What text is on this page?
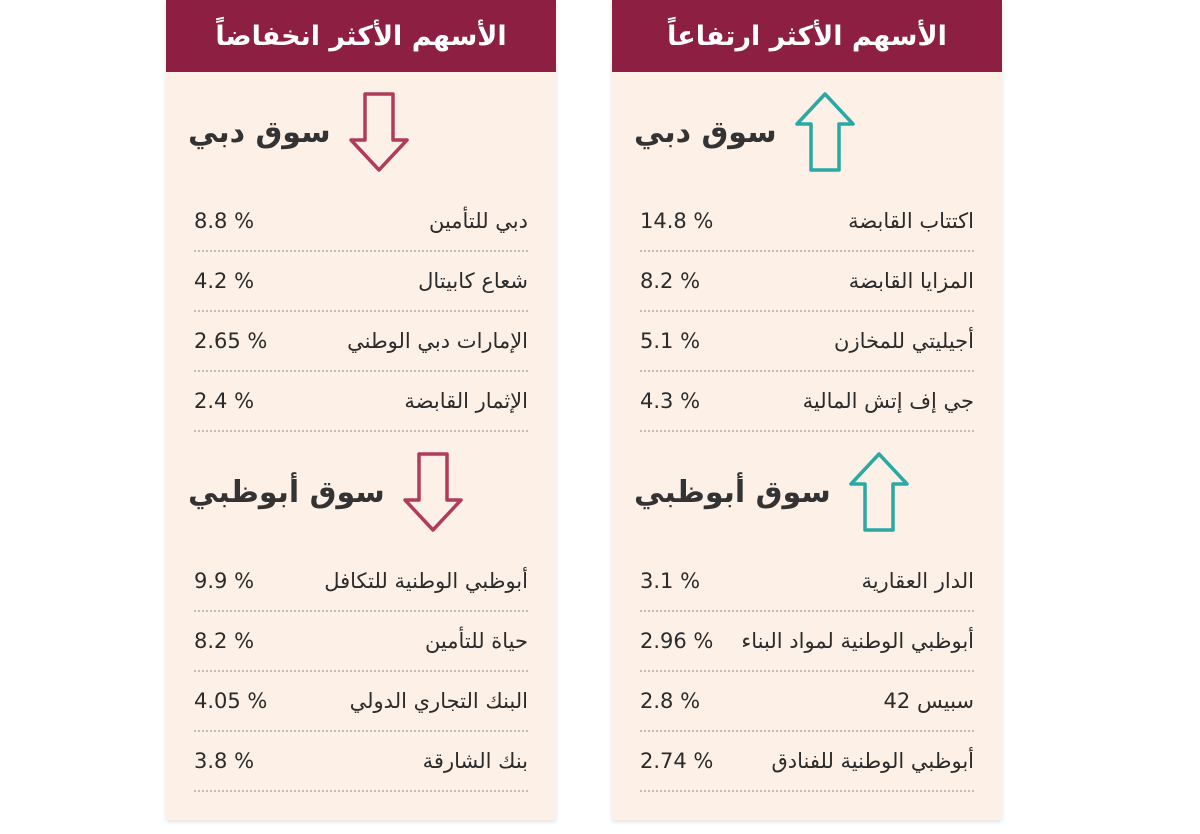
الأسهم الأكثر ارتفاعاً
سوق دبي
اكتتاب القابضة
14.8 %
المزايا القابضة
8.2 %
أجيليتي للمخازن
5.1 %
جي إف إتش المالية
4.3 %
سوق أبوظبي
الدار العقارية
3.1 %
أبوظبي الوطنية لمواد البناء
2.96 %
سبيس 42
2.8 %
أبوظبي الوطنية للفنادق
2.74 %
الأسهم الأكثر انخفاضاً
سوق دبي
دبي للتأمين
8.8 %
شعاع كابيتال
4.2 %
الإمارات دبي الوطني
2.65 %
الإثمار القابضة
2.4 %
سوق أبوظبي
أبوظبي الوطنية للتكافل
9.9 %
حياة للتأمين
8.2 %
البنك التجاري الدولي
4.05 %
بنك الشارقة
3.8 %
